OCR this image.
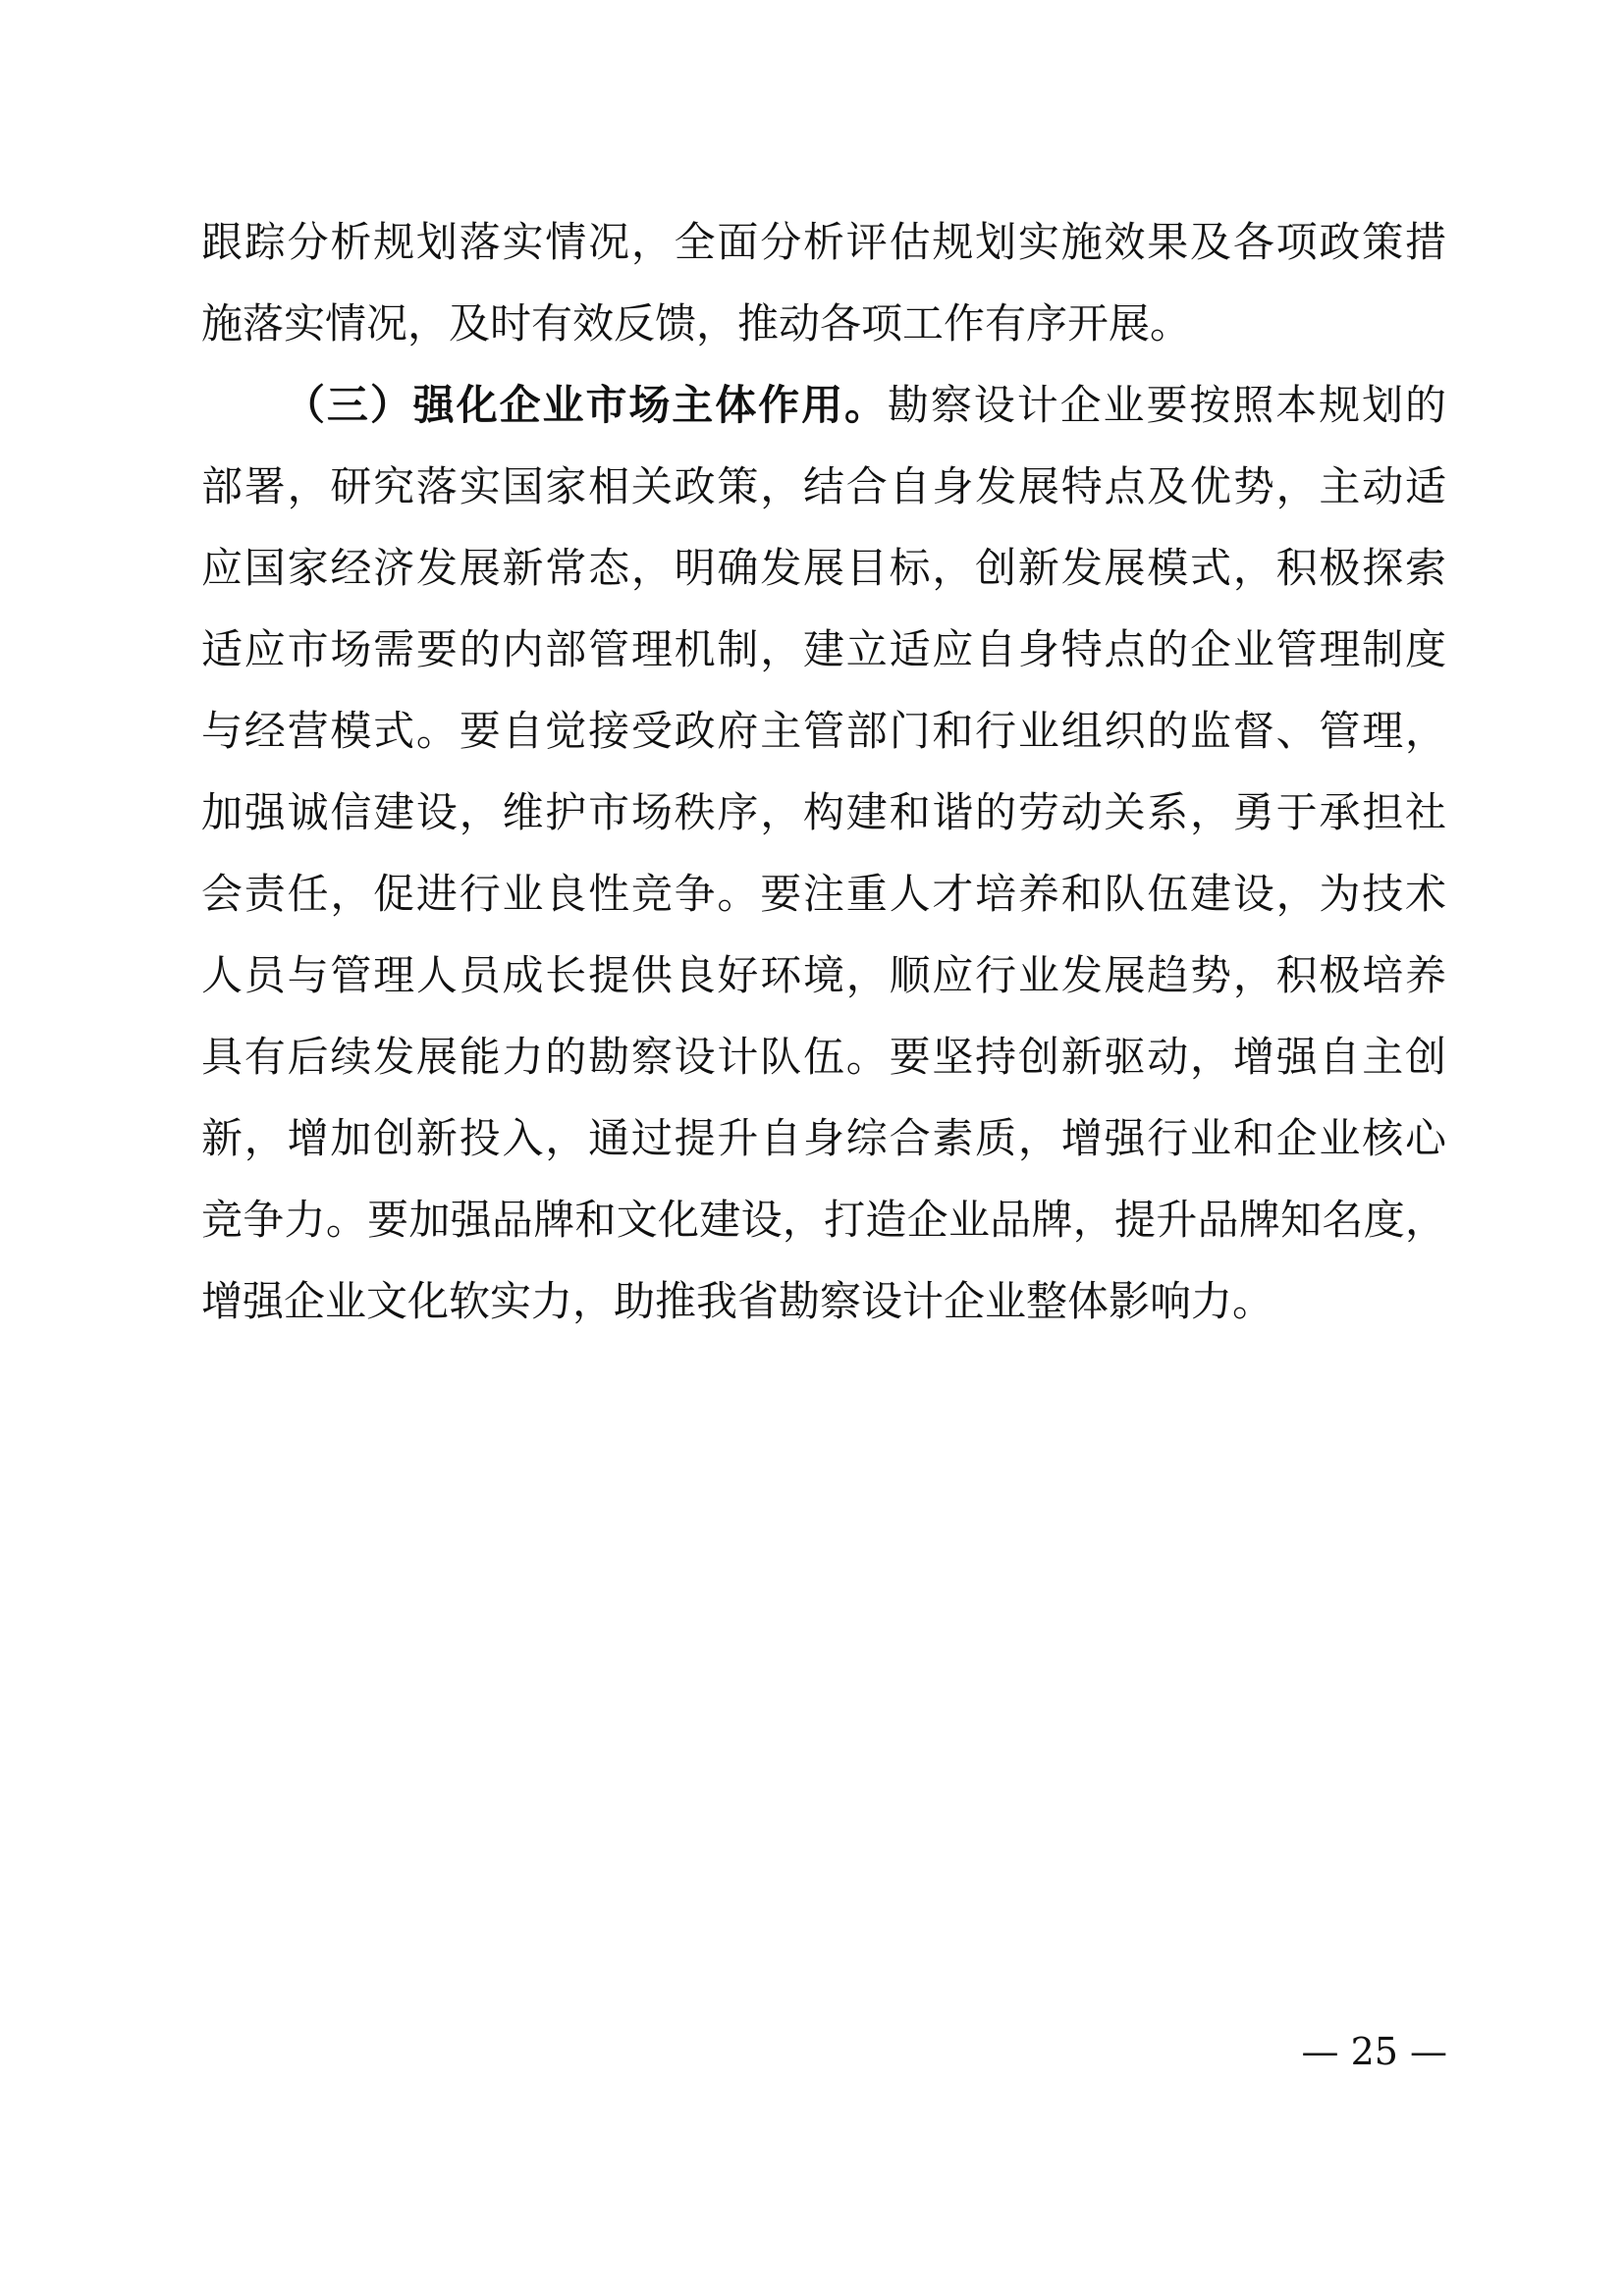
跟踪分析规划落实情况，全面分析评估规划实施效果及各项政策措
施落实情况，及时有效反馈，推动各项工作有序开展。
（三）强化企业市场主体作用。勘察设计企业要按照本规划的
部署，研究落实国家相关政策，结合自身发展特点及优势，主动适
应国家经济发展新常态，明确发展目标，创新发展模式，积极探索
适应市场需要的内部管理机制，建立适应自身特点的企业管理制度
与经营模式。要自觉接受政府主管部门和行业组织的监督、管理，
加强诚信建设，维护市场秩序，构建和谐的劳动关系，勇于承担社
会责任，促进行业良性竞争。要注重人才培养和队伍建设，为技术
人员与管理人员成长提供良好环境，顺应行业发展趋势，积极培养
具有后续发展能力的勘察设计队伍。要坚持创新驱动，增强自主创
新，增加创新投入，通过提升自身综合素质，增强行业和企业核心
竞争力。要加强品牌和文化建设，打造企业品牌，提升品牌知名度，
增强企业文化软实力，助推我省勘察设计企业整体影响力。
— 25 —
